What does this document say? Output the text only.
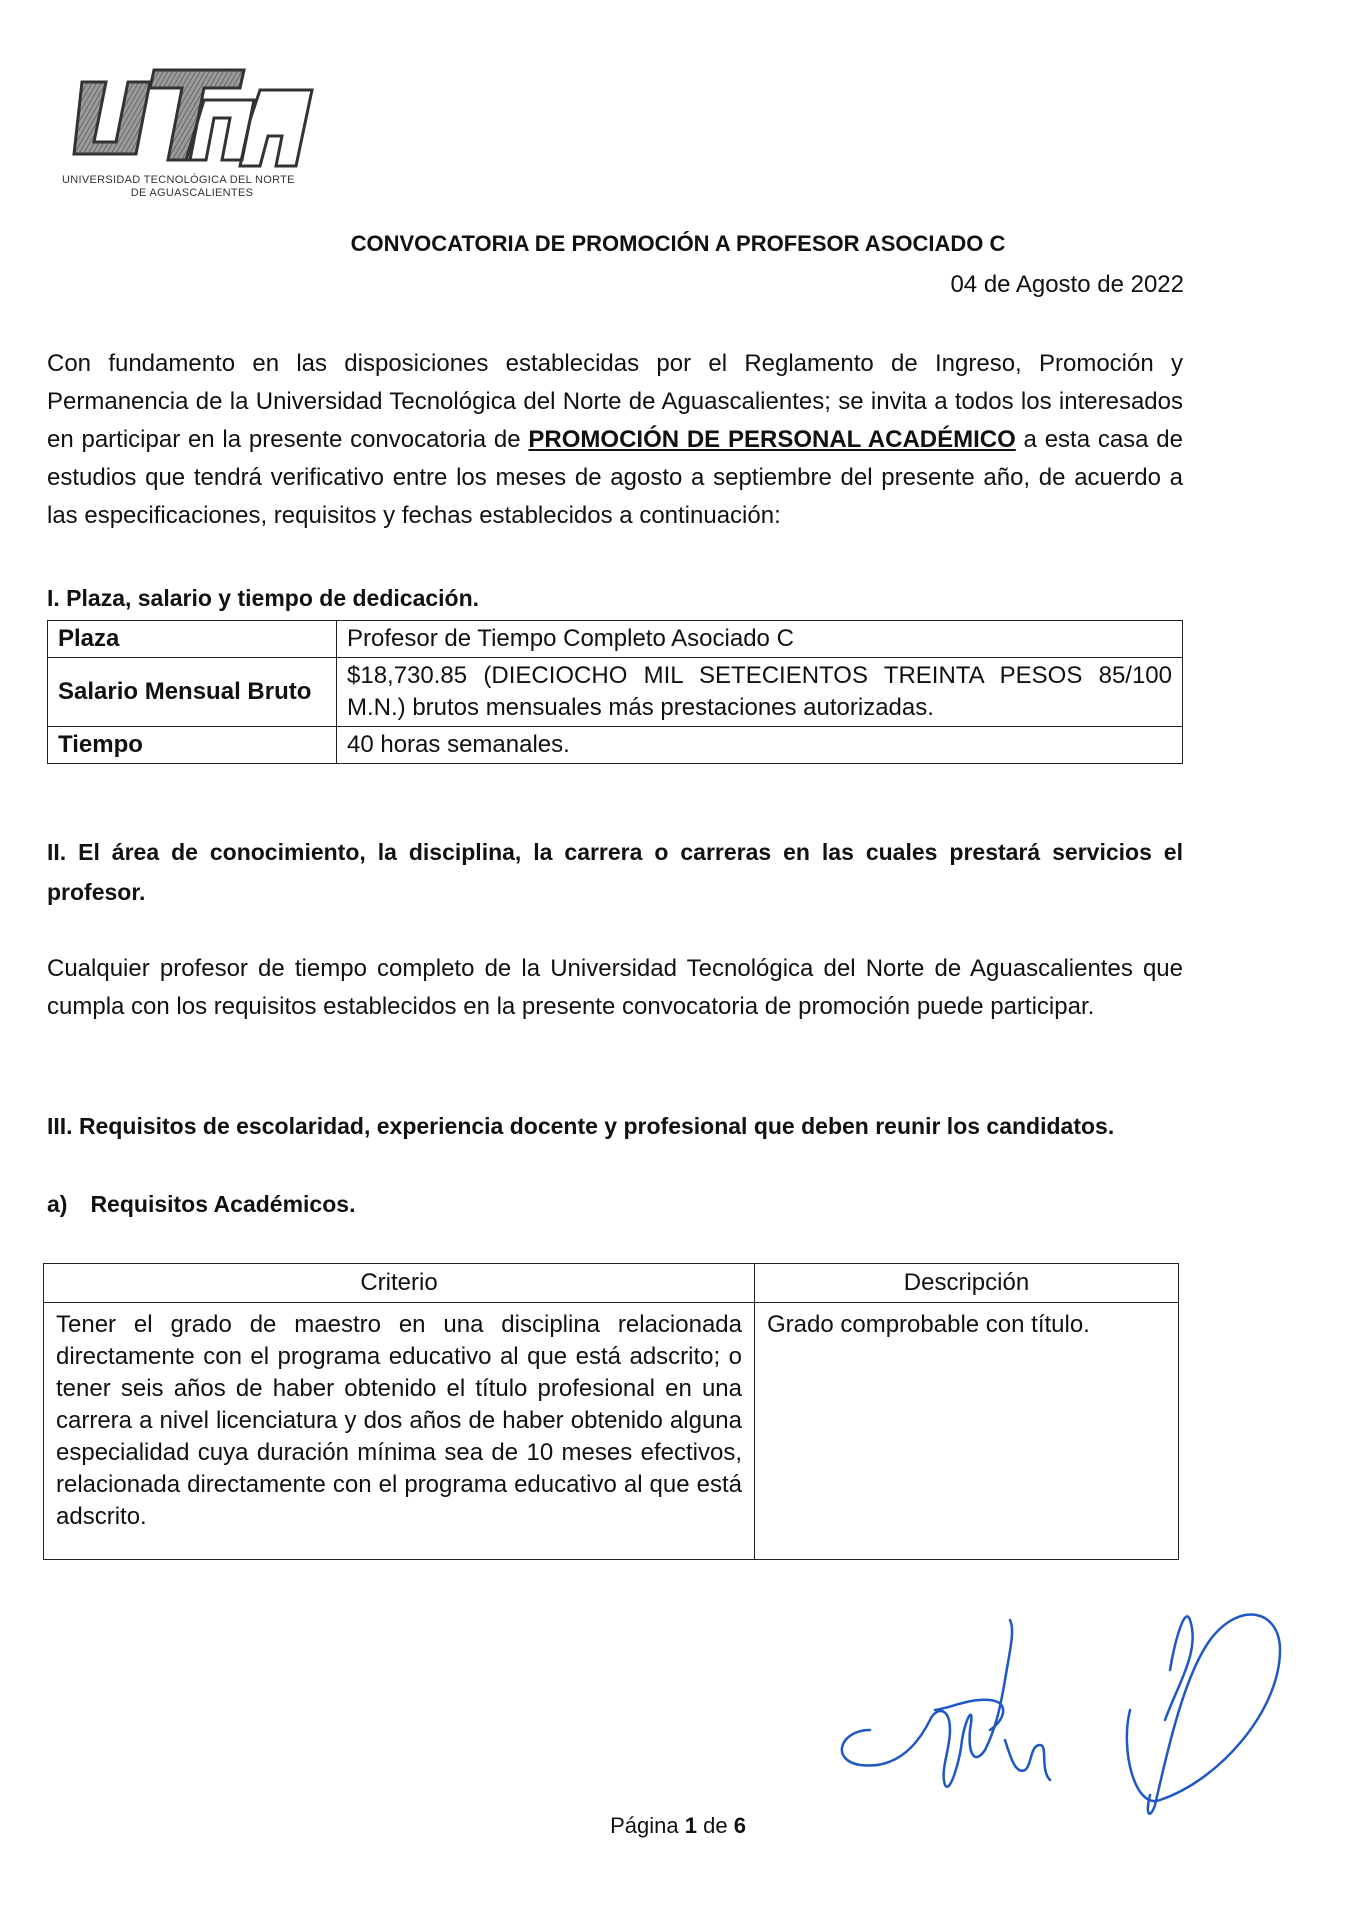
UTNA
UNIVERSIDAD TECNOLÓGICA DEL NORTE
DE AGUASCALIENTES
CONVOCATORIA DE PROMOCIÓN A PROFESOR ASOCIADO C
04 de Agosto de 2022
Con fundamento en las disposiciones establecidas por el Reglamento de Ingreso, Promoción y Permanencia de la Universidad Tecnológica del Norte de Aguascalientes; se invita a todos los interesados en participar en la presente convocatoria de PROMOCIÓN DE PERSONAL ACADÉMICO a esta casa de estudios que tendrá verificativo entre los meses de agosto a septiembre del presente año, de acuerdo a las especificaciones, requisitos y fechas establecidos a continuación:
I. Plaza, salario y tiempo de dedicación.
Plaza	Profesor de Tiempo Completo Asociado C
Salario Mensual Bruto	$18,730.85 (DIECIOCHO MIL SETECIENTOS TREINTA PESOS 85/100 M.N.) brutos mensuales más prestaciones autorizadas.
Tiempo	40 horas semanales.
II. El área de conocimiento, la disciplina, la carrera o carreras en las cuales prestará servicios el profesor.
Cualquier profesor de tiempo completo de la Universidad Tecnológica del Norte de Aguascalientes que cumpla con los requisitos establecidos en la presente convocatoria de promoción puede participar.
III. Requisitos de escolaridad, experiencia docente y profesional que deben reunir los candidatos.
a) Requisitos Académicos.
Criterio	Descripción
Tener el grado de maestro en una disciplina relacionada directamente con el programa educativo al que está adscrito; o tener seis años de haber obtenido el título profesional en una carrera a nivel licenciatura y dos años de haber obtenido alguna especialidad cuya duración mínima sea de 10 meses efectivos, relacionada directamente con el programa educativo al que está adscrito.	Grado comprobable con título.
Página 1 de 6
